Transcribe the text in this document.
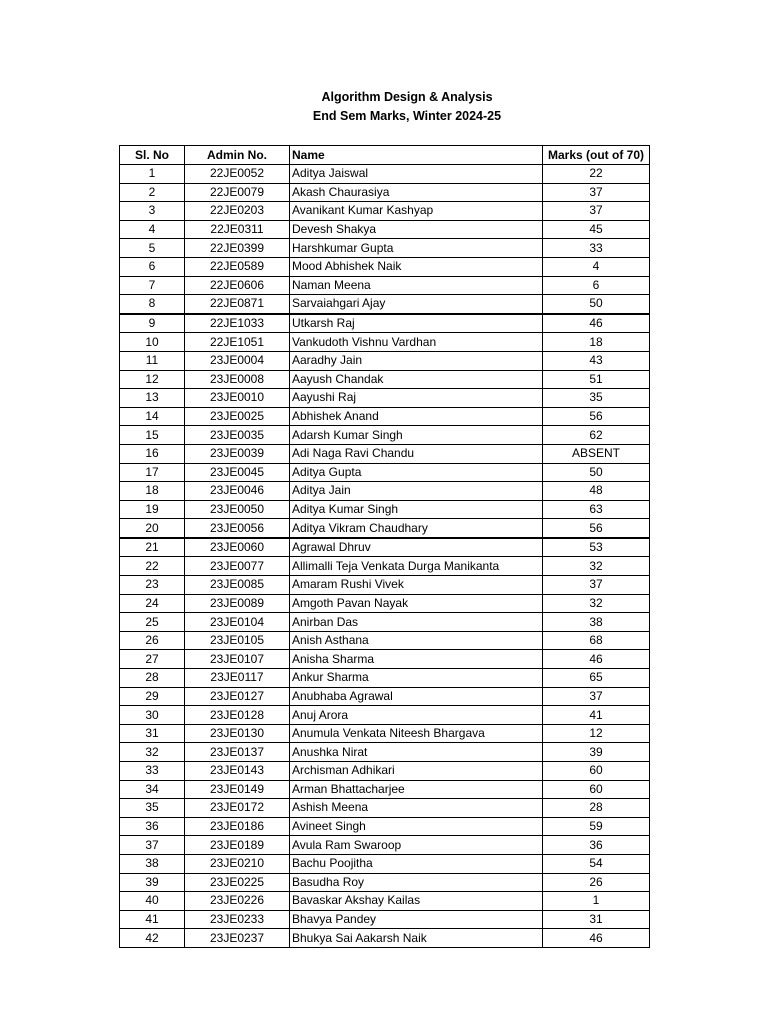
Algorithm Design & Analysis
End Sem Marks, Winter 2024-25
Sl. No	Admin No.	Name	Marks (out of 70)
1	22JE0052	Aditya Jaiswal	22
2	22JE0079	Akash Chaurasiya	37
3	22JE0203	Avanikant Kumar Kashyap	37
4	22JE0311	Devesh Shakya	45
5	22JE0399	Harshkumar Gupta	33
6	22JE0589	Mood Abhishek Naik	4
7	22JE0606	Naman Meena	6
8	22JE0871	Sarvaiahgari Ajay	50
9	22JE1033	Utkarsh Raj	46
10	22JE1051	Vankudoth Vishnu Vardhan	18
11	23JE0004	Aaradhy Jain	43
12	23JE0008	Aayush Chandak	51
13	23JE0010	Aayushi Raj	35
14	23JE0025	Abhishek Anand	56
15	23JE0035	Adarsh Kumar Singh	62
16	23JE0039	Adi Naga Ravi Chandu	ABSENT
17	23JE0045	Aditya Gupta	50
18	23JE0046	Aditya Jain	48
19	23JE0050	Aditya Kumar Singh	63
20	23JE0056	Aditya Vikram Chaudhary	56
21	23JE0060	Agrawal Dhruv	53
22	23JE0077	Allimalli Teja Venkata Durga Manikanta	32
23	23JE0085	Amaram Rushi Vivek	37
24	23JE0089	Amgoth Pavan Nayak	32
25	23JE0104	Anirban Das	38
26	23JE0105	Anish Asthana	68
27	23JE0107	Anisha Sharma	46
28	23JE0117	Ankur Sharma	65
29	23JE0127	Anubhaba Agrawal	37
30	23JE0128	Anuj Arora	41
31	23JE0130	Anumula Venkata Niteesh Bhargava	12
32	23JE0137	Anushka Nirat	39
33	23JE0143	Archisman Adhikari	60
34	23JE0149	Arman Bhattacharjee	60
35	23JE0172	Ashish Meena	28
36	23JE0186	Avineet Singh	59
37	23JE0189	Avula Ram Swaroop	36
38	23JE0210	Bachu Poojitha	54
39	23JE0225	Basudha Roy	26
40	23JE0226	Bavaskar Akshay Kailas	1
41	23JE0233	Bhavya Pandey	31
42	23JE0237	Bhukya Sai Aakarsh Naik	46
